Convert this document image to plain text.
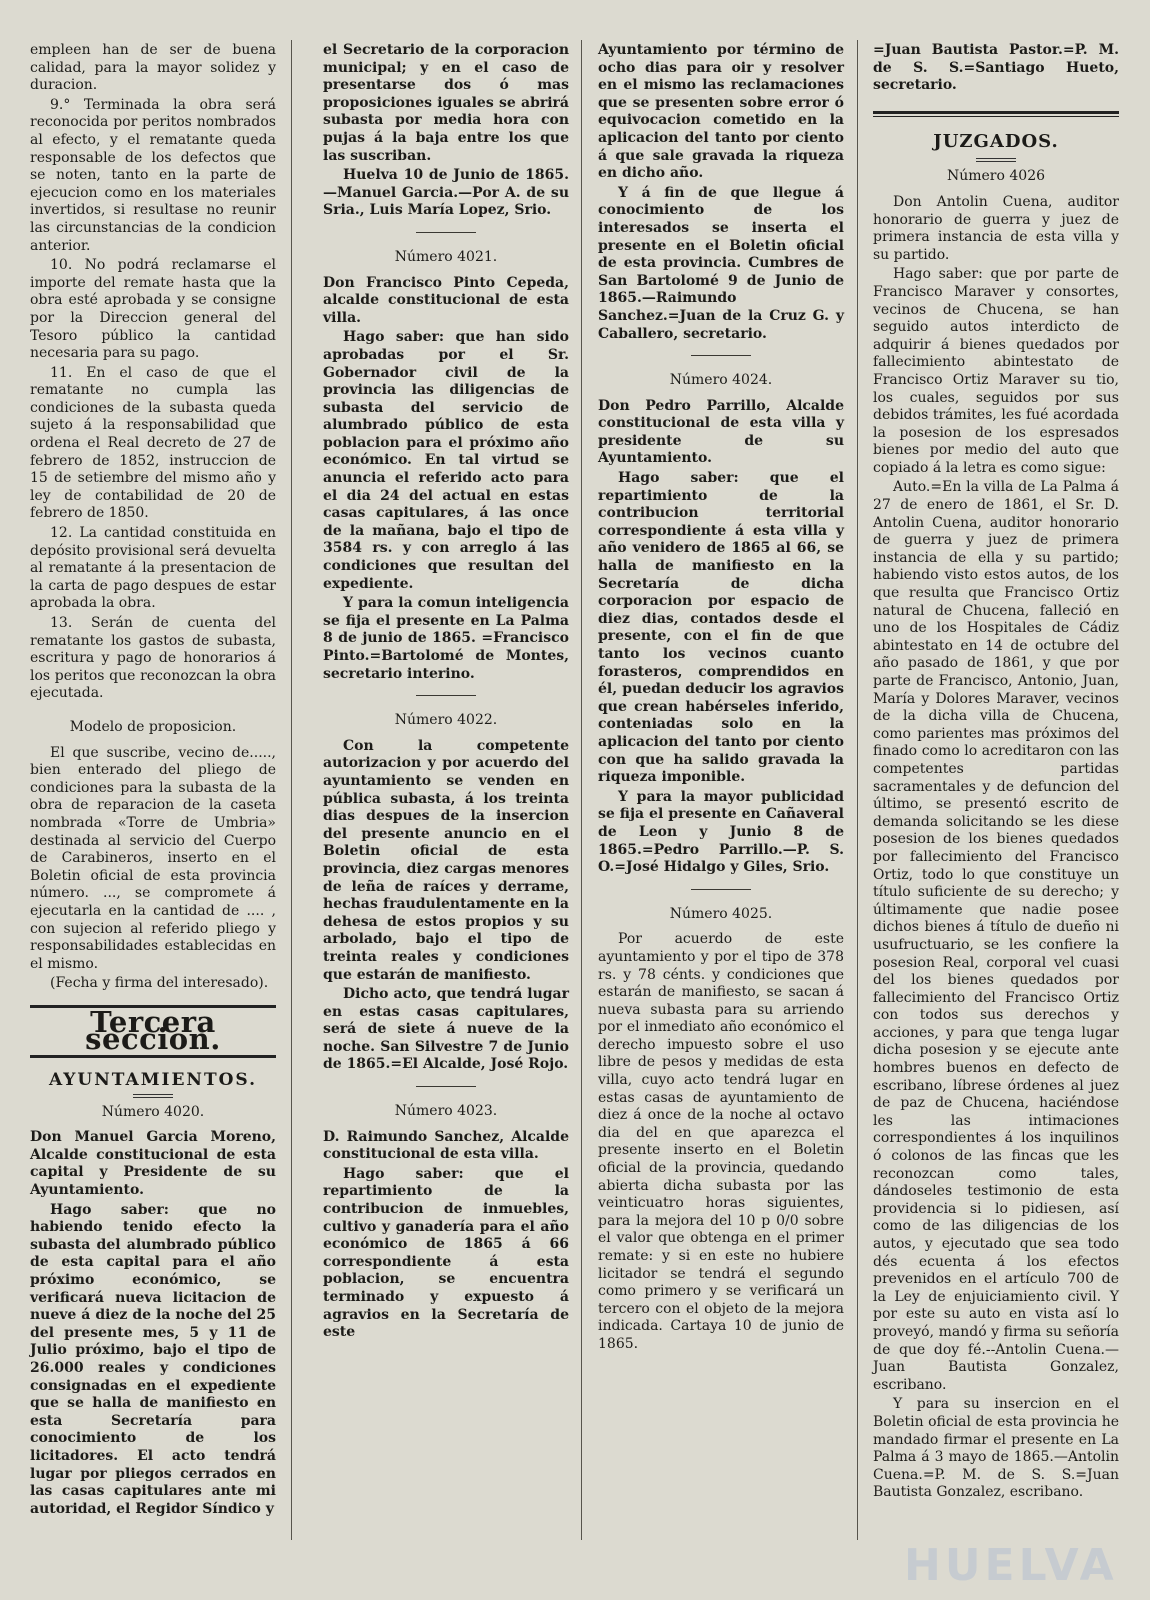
empleen han de ser de buena calidad, para la mayor solidez y duracion.

9.° Terminada la obra será reconocida por peritos nombrados al efecto, y el rematante queda responsable de los defectos que se noten, tanto en la parte de ejecucion como en los materiales invertidos, si resultase no reunir las circunstancias de la condicion anterior.

10. No podrá reclamarse el importe del remate hasta que la obra esté aprobada y se consigne por la Direccion general del Tesoro público la cantidad necesaria para su pago.

11. En el caso de que el rematante no cumpla las condiciones de la subasta queda sujeto á la responsabilidad que ordena el Real decreto de 27 de febrero de 1852, instruccion de 15 de setiembre del mismo año y ley de contabilidad de 20 de febrero de 1850.

12. La cantidad constituida en depósito provisional será devuelta al rematante á la presentacion de la carta de pago despues de estar aprobada la obra.

13. Serán de cuenta del rematante los gastos de subasta, escritura y pago de honorarios á los peritos que reconozcan la obra ejecutada.

Modelo de proposicion.

El que suscribe, vecino de....., bien enterado del pliego de condiciones para la subasta de la obra de reparacion de la caseta nombrada «Torre de Umbria» destinada al servicio del Cuerpo de Carabineros, inserto en el Boletin oficial de esta provincia número. ..., se compromete á ejecutarla en la cantidad de .... , con sujecion al referido pliego y responsabilidades establecidas en el mismo.

(Fecha y firma del interesado).

Tercera seccion.
AYUNTAMIENTOS.
Número 4020.

Don Manuel Garcia Moreno, Alcalde constitucional de esta capital y Presidente de su Ayuntamiento.

Hago saber: que no habiendo tenido efecto la subasta del alumbrado público de esta capital para el año próximo económico, se verificará nueva licitacion de nueve á diez de la noche del 25 del presente mes, 5 y 11 de Julio próximo, bajo el tipo de 26.000 reales y condiciones consignadas en el expediente que se halla de manifiesto en esta Secretaría para conocimiento de los licitadores. El acto tendrá lugar por pliegos cerrados en las casas capitulares ante mi autoridad, el Regidor Síndico y

el Secretario de la corporacion municipal; y en el caso de presentarse dos ó mas proposiciones iguales se abrirá subasta por media hora con pujas á la baja entre los que las suscriban.

Huelva 10 de Junio de 1865.—Manuel Garcia.—Por A. de su Sria., Luis María Lopez, Srio.

Número 4021.

Don Francisco Pinto Cepeda, alcalde constitucional de esta villa.

Hago saber: que han sido aprobadas por el Sr. Gobernador civil de la provincia las diligencias de subasta del servicio de alumbrado público de esta poblacion para el próximo año económico. En tal virtud se anuncia el referido acto para el dia 24 del actual en estas casas capitulares, á las once de la mañana, bajo el tipo de 3584 rs. y con arreglo á las condiciones que resultan del expediente.

Y para la comun inteligencia se fija el presente en La Palma 8 de junio de 1865. =Francisco Pinto.=Bartolomé de Montes, secretario interino.

Número 4022.

Con la competente autorizacion y por acuerdo del ayuntamiento se venden en pública subasta, á los treinta dias despues de la insercion del presente anuncio en el Boletin oficial de esta provincia, diez cargas menores de leña de raíces y derrame, hechas fraudulentamente en la dehesa de estos propios y su arbolado, bajo el tipo de treinta reales y condiciones que estarán de manifiesto.

Dicho acto, que tendrá lugar en estas casas capitulares, será de siete á nueve de la noche. San Silvestre 7 de Junio de 1865.=El Alcalde, José Rojo.

Número 4023.

D. Raimundo Sanchez, Alcalde constitucional de esta villa.

Hago saber: que el repartimiento de la contribucion de inmuebles, cultivo y ganadería para el año económico de 1865 á 66 correspondiente á esta poblacion, se encuentra terminado y expuesto á agravios en la Secretaría de este

Ayuntamiento por término de ocho dias para oir y resolver en el mismo las reclamaciones que se presenten sobre error ó equivocacion cometido en la aplicacion del tanto por ciento á que sale gravada la riqueza en dicho año.

Y á fin de que llegue á conocimiento de los interesados se inserta el presente en el Boletin oficial de esta provincia. Cumbres de San Bartolomé 9 de Junio de 1865.—Raimundo Sanchez.=Juan de la Cruz G. y Caballero, secretario.

Número 4024.

Don Pedro Parrillo, Alcalde constitucional de esta villa y presidente de su Ayuntamiento.

Hago saber: que el repartimiento de la contribucion territorial correspondiente á esta villa y año venidero de 1865 al 66, se halla de manifiesto en la Secretaría de dicha corporacion por espacio de diez dias, contados desde el presente, con el fin de que tanto los vecinos cuanto forasteros, comprendidos en él, puedan deducir los agravios que crean habérseles inferido, conteniadas solo en la aplicacion del tanto por ciento con que ha salido gravada la riqueza imponible.

Y para la mayor publicidad se fija el presente en Cañaveral de Leon y Junio 8 de 1865.=Pedro Parrillo.—P. S. O.=José Hidalgo y Giles, Srio.

Número 4025.

Por acuerdo de este ayuntamiento y por el tipo de 378 rs. y 78 cénts. y condiciones que estarán de manifiesto, se sacan á nueva subasta para su arriendo por el inmediato año económico el derecho impuesto sobre el uso libre de pesos y medidas de esta villa, cuyo acto tendrá lugar en estas casas de ayuntamiento de diez á once de la noche al octavo dia del en que aparezca el presente inserto en el Boletin oficial de la provincia, quedando abierta dicha subasta por las veinticuatro horas siguientes, para la mejora del 10 p 0/0 sobre el valor que obtenga en el primer remate: y si en este no hubiere licitador se tendrá el segundo como primero y se verificará un tercero con el objeto de la mejora indicada. Cartaya 10 de junio de 1865.

=Juan Bautista Pastor.=P. M. de S. S.=Santiago Hueto, secretario.

JUZGADOS.
Número 4026

Don Antolin Cuena, auditor honorario de guerra y juez de primera instancia de esta villa y su partido.

Hago saber: que por parte de Francisco Maraver y consortes, vecinos de Chucena, se han seguido autos interdicto de adquirir á bienes quedados por fallecimiento abintestato de Francisco Ortiz Maraver su tio, los cuales, seguidos por sus debidos trámites, les fué acordada la posesion de los espresados bienes por medio del auto que copiado á la letra es como sigue:

Auto.=En la villa de La Palma á 27 de enero de 1861, el Sr. D. Antolin Cuena, auditor honorario de guerra y juez de primera instancia de ella y su partido; habiendo visto estos autos, de los que resulta que Francisco Ortiz natural de Chucena, falleció en uno de los Hospitales de Cádiz abintestato en 14 de octubre del año pasado de 1861, y que por parte de Francisco, Antonio, Juan, María y Dolores Maraver, vecinos de la dicha villa de Chucena, como parientes mas próximos del finado como lo acreditaron con las competentes partidas sacramentales y de defuncion del último, se presentó escrito de demanda solicitando se les diese posesion de los bienes quedados por fallecimiento del Francisco Ortiz, todo lo que constituye un título suficiente de su derecho; y últimamente que nadie posee dichos bienes á título de dueño ni usufructuario, se les confiere la posesion Real, corporal vel cuasi del los bienes quedados por fallecimiento del Francisco Ortiz con todos sus derechos y acciones, y para que tenga lugar dicha posesion y se ejecute ante hombres buenos en defecto de escribano, líbrese órdenes al juez de paz de Chucena, haciéndose les las intimaciones correspondientes á los inquilinos ó colonos de las fincas que les reconozcan como tales, dándoseles testimonio de esta providencia si lo pidiesen, así como de las diligencias de los autos, y ejecutado que sea todo dés ecuenta á los efectos prevenidos en el artículo 700 de la Ley de enjuiciamiento civil. Y por este su auto en vista así lo proveyó, mandó y firma su señoría de que doy fé.--Antolin Cuena.—Juan Bautista Gonzalez, escribano.

Y para su insercion en el Boletin oficial de esta provincia he mandado firmar el presente en La Palma á 3 mayo de 1865.—Antolin Cuena.=P. M. de S. S.=Juan Bautista Gonzalez, escribano.

HUELVA
